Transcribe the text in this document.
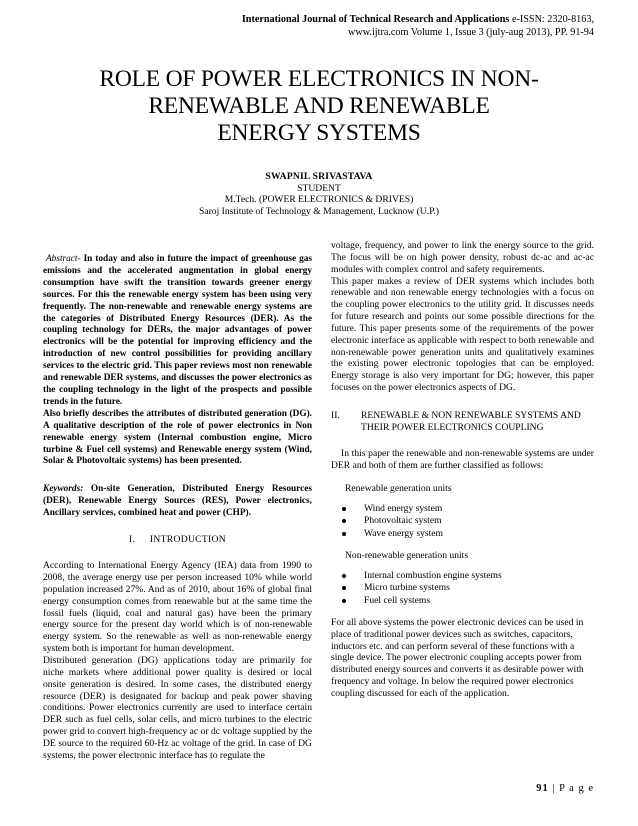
International Journal of Technical Research and Applications e-ISSN: 2320-8163,
www.ijtra.com Volume 1, Issue 3 (july-aug 2013), PP. 91-94
ROLE OF POWER ELECTRONICS IN NON-
RENEWABLE AND RENEWABLE
ENERGY SYSTEMS
SWAPNIL SRIVASTAVA
STUDENT
M.Tech. (POWER ELECTRONICS & DRIVES)
Saroj Institute of Technology & Management, Lucknow (U.P.)

Abstract- In today and also in future the impact of greenhouse gas emissions and the accelerated augmentation in global energy consumption have swift the transition towards greener energy sources. For this the renewable energy system has been using very frequently. The non-renewable and renewable energy systems are the categories of Distributed Energy Resources (DER). As the coupling technology for DERs, the major advantages of power electronics will be the potential for improving efficiency and the introduction of new control possibilities for providing ancillary services to the electric grid. This paper reviews most non renewable and renewable DER systems, and discusses the power electronics as the coupling technology in the light of the prospects and possible trends in the future.

Also briefly describes the attributes of distributed generation (DG). A qualitative description of the role of power electronics in Non renewable energy system (Internal combustion engine, Micro turbine & Fuel cell systems) and Renewable energy system (Wind, Solar & Photovoltaic systems) has been presented.

Keywords: On-site Generation, Distributed Energy Resources (DER), Renewable Energy Sources (RES), Power electronics, Ancillary services, combined heat and power (CHP).

I. INTRODUCTION

According to International Energy Agency (IEA) data from 1990 to 2008, the average energy use per person increased 10% while world population increased 27%. And as of 2010, about 16% of global final energy consumption comes from renewable but at the same time the fossil fuels (liquid, coal and natural gas) have been the primary energy source for the present day world which is of non-renewable energy system. So the renewable as well as non-renewable energy system both is important for human development.

Distributed generation (DG) applications today are primarily for niche markets where additional power quality is desired or local onsite generation is desired. In some cases, the distributed energy resource (DER) is designated for backup and peak power shaving conditions. Power electronics currently are used to interface certain DER such as fuel cells, solar cells, and micro turbines to the electric power grid to convert high-frequency ac or dc voltage supplied by the DE source to the required 60-Hz ac voltage of the grid. In case of DG systems, the power electronic interface has to regulate the

voltage, frequency, and power to link the energy source to the grid. The focus will be on high power density, robust dc-ac and ac-ac modules with complex control and safety requirements.

This paper makes a review of DER systems which includes both renewable and non renewable energy technologies with a focus on the coupling power electronics to the utility grid. It discusses needs for future research and points out some possible directions for the future. This paper presents some of the requirements of the power electronic interface as applicable with respect to both renewable and non-renewable power generation units and qualitatively examines the existing power electronic topologies that can be employed. Energy storage is also very important for DG; however, this paper focuses on the power electronics aspects of DG.

II. RENEWABLE & NON RENEWABLE SYSTEMS AND
THEIR POWER ELECTRONICS COUPLING

In this paper the renewable and non-renewable systems are under DER and both of them are further classified as follows:

Renewable generation units

Wind energy system
Photovoltaic system
Wave energy system

Non-renewable generation units

Internal combustion engine systems
Micro turbine systems
Fuel cell systems

For all above systems the power electronic devices can be used in place of traditional power devices such as switches, capacitors, inductors etc. and can perform several of these functions with a single device. The power electronic coupling accepts power from distributed energy sources and converts it as desirable power with frequency and voltage. In below the required power electronics coupling discussed for each of the application.

91 | P a g e
